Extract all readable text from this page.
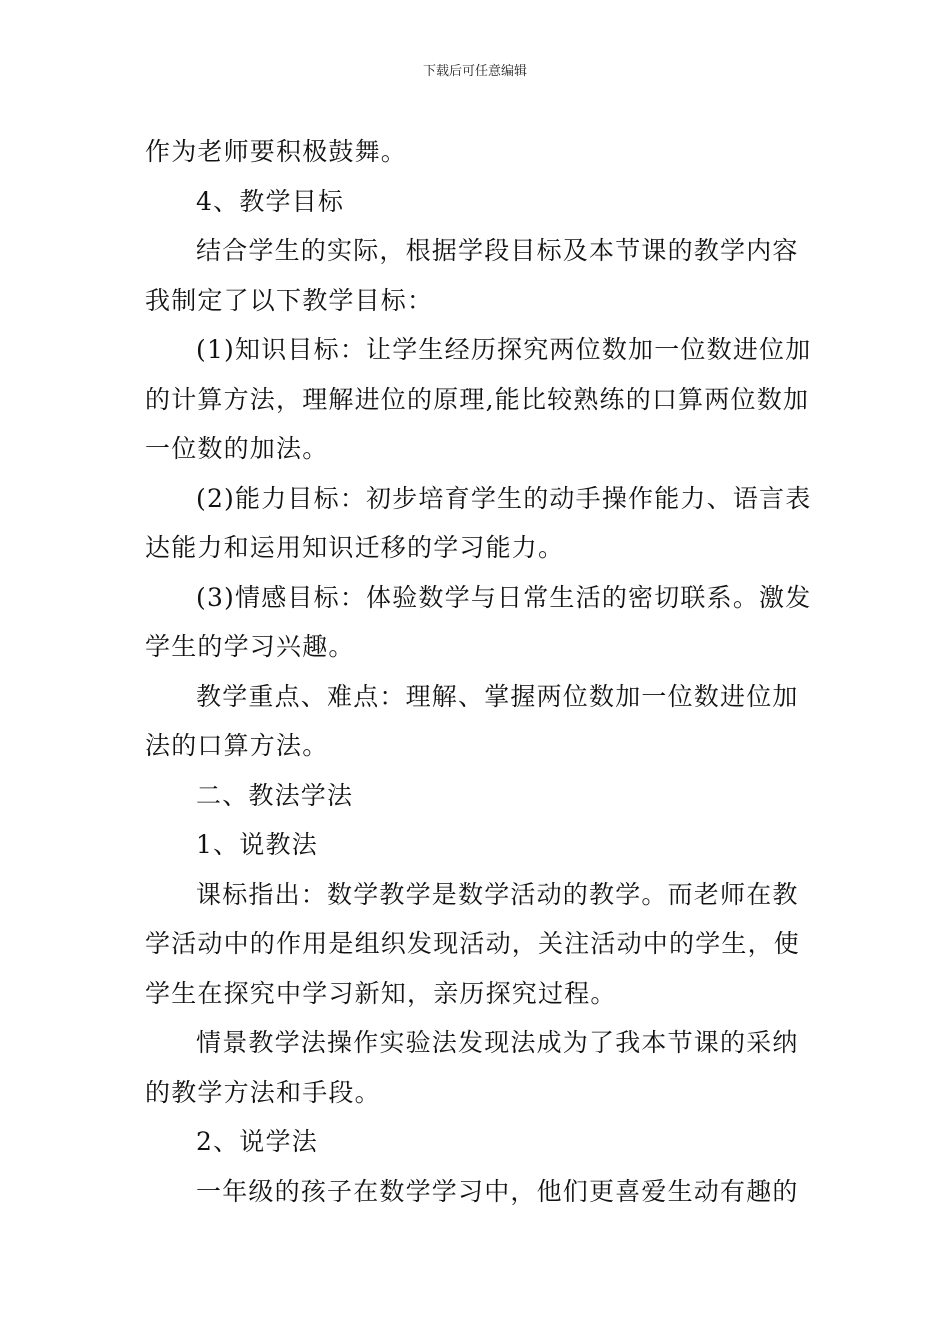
下载后可任意编辑
作为老师要积极鼓舞。
4、教学目标
结合学生的实际，根据学段目标及本节课的教学内容
我制定了以下教学目标：
(1)知识目标：让学生经历探究两位数加一位数进位加
的计算方法，理解进位的原理,能比较熟练的口算两位数加
一位数的加法。
(2)能力目标：初步培育学生的动手操作能力、语言表
达能力和运用知识迁移的学习能力。
(3)情感目标：体验数学与日常生活的密切联系。激发
学生的学习兴趣。
教学重点、难点：理解、掌握两位数加一位数进位加
法的口算方法。
二、教法学法
1、说教法
课标指出：数学教学是数学活动的教学。而老师在教
学活动中的作用是组织发现活动，关注活动中的学生，使
学生在探究中学习新知，亲历探究过程。
情景教学法操作实验法发现法成为了我本节课的采纳
的教学方法和手段。
2、说学法
一年级的孩子在数学学习中，他们更喜爱生动有趣的
